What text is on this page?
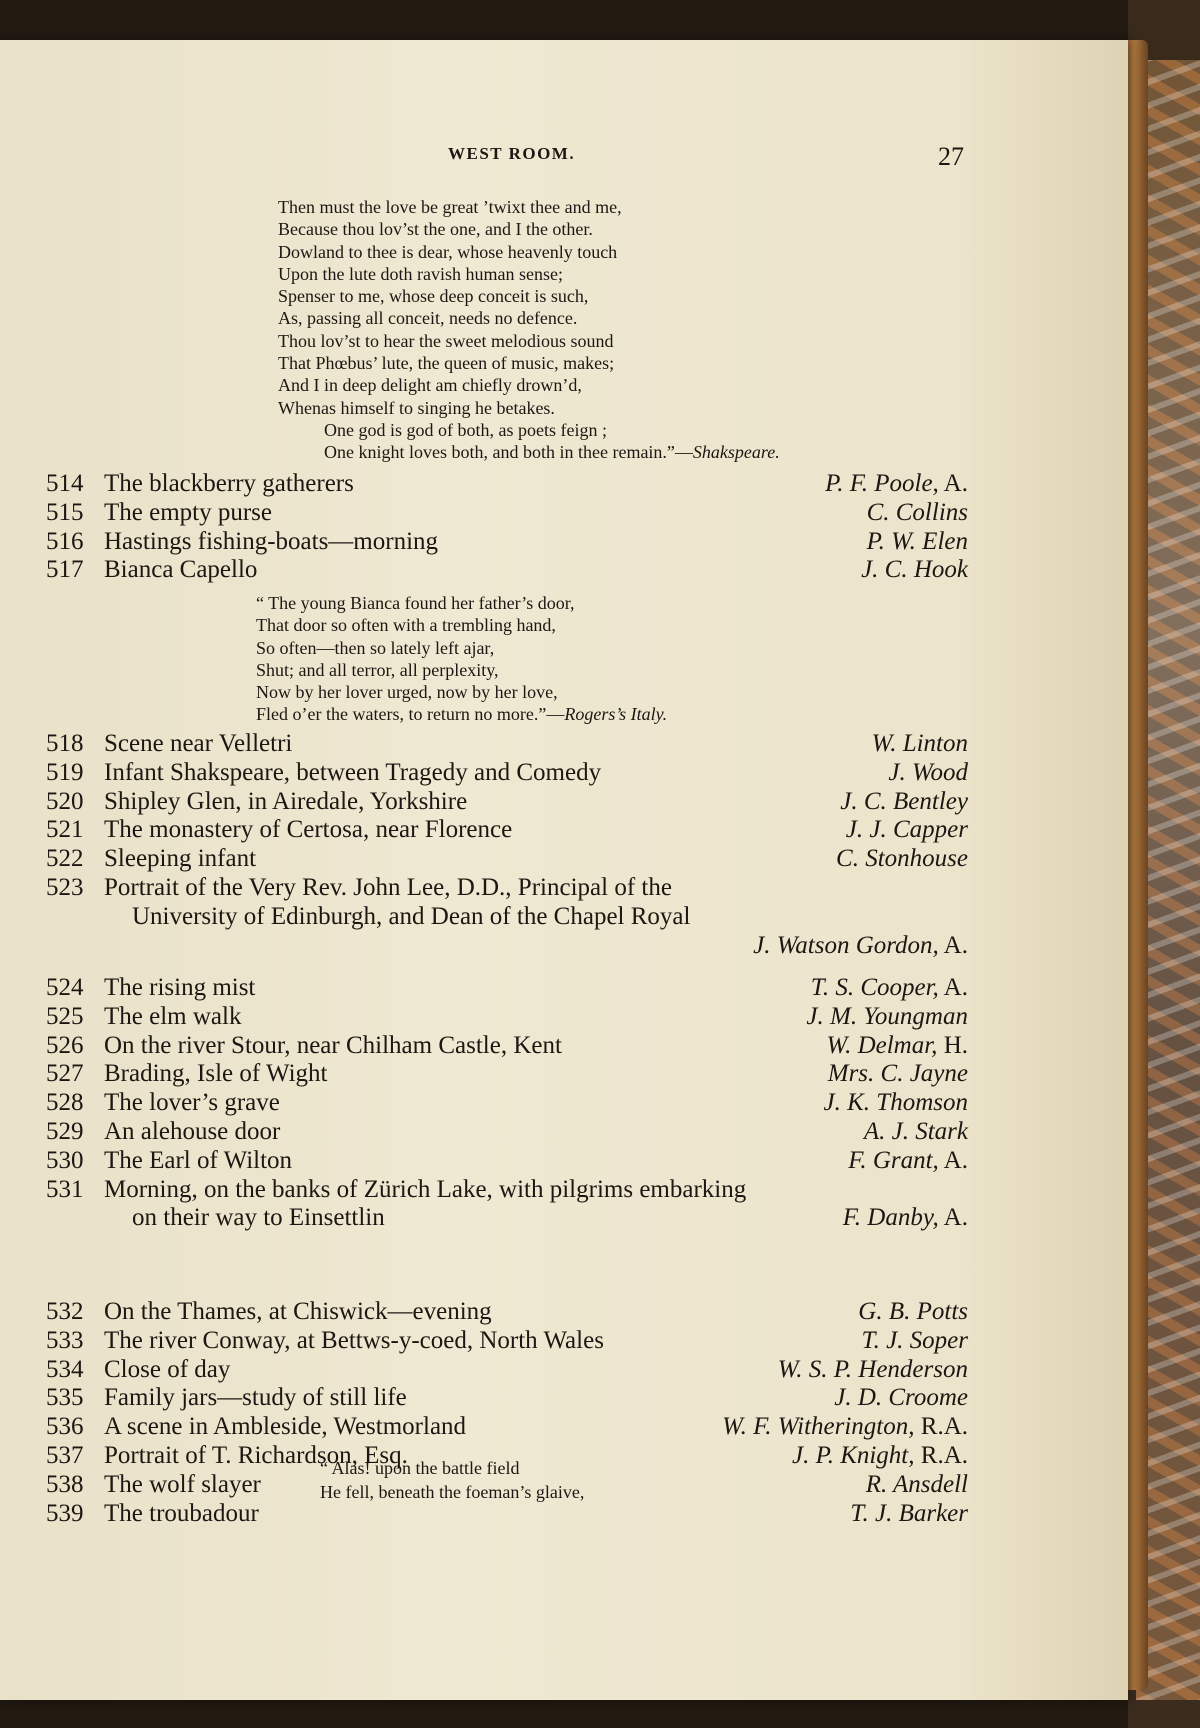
WEST ROOM.	27
Then must the love be great ’twixt thee and me,
Because thou lov’st the one, and I the other.
Dowland to thee is dear, whose heavenly touch
Upon the lute doth ravish human sense;
Spenser to me, whose deep conceit is such,
As, passing all conceit, needs no defence.
Thou lov’st to hear the sweet melodious sound
That Phœbus’ lute, the queen of music, makes;
And I in deep delight am chiefly drown’d,
Whenas himself to singing he betakes.
One god is god of both, as poets feign ;
One knight loves both, and both in thee remain.”—Shakspeare.
514 The blackberry gatherers	P. F. Poole, A.
515 The empty purse	C. Collins
516 Hastings fishing-boats—morning	P. W. Elen
517 Bianca Capello	J. C. Hook
“ The young Bianca found her father’s door,
That door so often with a trembling hand,
So often—then so lately left ajar,
Shut; and all terror, all perplexity,
Now by her lover urged, now by her love,
Fled o’er the waters, to return no more.”—Rogers’s Italy.
518 Scene near Velletri	W. Linton
519 Infant Shakspeare, between Tragedy and Comedy	J. Wood
520 Shipley Glen, in Airedale, Yorkshire	J. C. Bentley
521 The monastery of Certosa, near Florence	J. J. Capper
522 Sleeping infant	C. Stonhouse
523 Portrait of the Very Rev. John Lee, D.D., Principal of the
University of Edinburgh, and Dean of the Chapel Royal
J. Watson Gordon, A.
524 The rising mist	T. S. Cooper, A.
525 The elm walk	J. M. Youngman
526 On the river Stour, near Chilham Castle, Kent	W. Delmar, H.
527 Brading, Isle of Wight	Mrs. C. Jayne
528 The lover’s grave	J. K. Thomson
529 An alehouse door	A. J. Stark
530 The Earl of Wilton	F. Grant, A.
531 Morning, on the banks of Zürich Lake, with pilgrims embarking
on their way to Einsettlin	F. Danby, A.
532 On the Thames, at Chiswick—evening	G. B. Potts
533 The river Conway, at Bettws-y-coed, North Wales	T. J. Soper
534 Close of day	W. S. P. Henderson
535 Family jars—study of still life	J. D. Croome
536 A scene in Ambleside, Westmorland	W. F. Witherington, R.A.
537 Portrait of T. Richardson, Esq.	J. P. Knight, R.A.
538 The wolf slayer	R. Ansdell
539 The troubadour	T. J. Barker
“ Alas! upon the battle field
He fell, beneath the foeman’s glaive,
